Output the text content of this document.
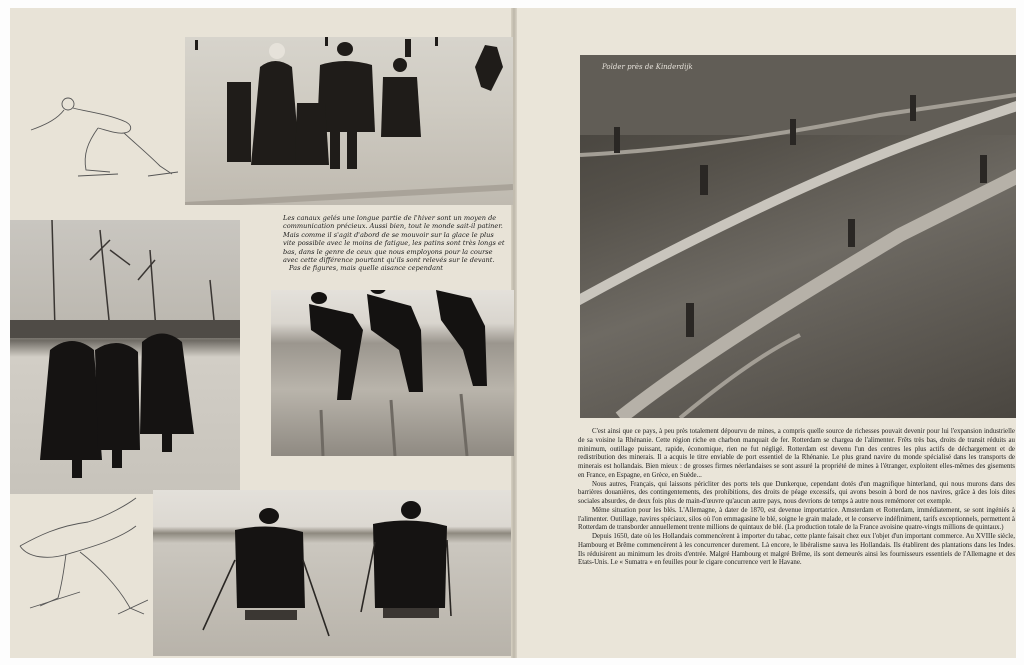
Les canaux gelés une longue partie de l'hiver sont un moyen de communication précieux. Aussi bien, tout le monde sait-il patiner. Mais comme il s'agit d'abord de se mouvoir sur la glace le plus vite possible avec le moins de fatigue, les patins sont très longs et bas, dans le genre de ceux que nous employons pour la course avec cette différence pourtant qu'ils sont relevés sur le devant.

Pas de figures, mais quelle aisance cependant

Polder près de Kinderdijk

C'est ainsi que ce pays, à peu près totalement dépourvu de mines, a compris quelle source de richesses pouvait devenir pour lui l'expansion industrielle de sa voisine la Rhénanie. Cette région riche en charbon manquait de fer. Rotterdam se chargea de l'alimenter. Frêts très bas, droits de transit réduits au minimum, outillage puissant, rapide, économique, rien ne fut négligé. Rotterdam est devenu l'un des centres les plus actifs de déchargement et de redistribution des minerais. Il a acquis le titre enviable de port essentiel de la Rhénanie. Le plus grand navire du monde spécialisé dans les transports de minerais est hollandais. Bien mieux : de grosses firmes néerlandaises se sont assuré la propriété de mines à l'étranger, exploitent elles-mêmes des gisements en France, en Espagne, en Grèce, en Suède...

Nous autres, Français, qui laissons péricliter des ports tels que Dunkerque, cependant dotés d'un magnifique hinterland, qui nous murons dans des barrières douanières, des contingentements, des prohibitions, des droits de péage excessifs, qui avons besoin à bord de nos navires, grâce à des lois dites sociales absurdes, de deux fois plus de main-d'œuvre qu'aucun autre pays, nous devrions de temps à autre nous remémorer cet exemple.

Même situation pour les blés. L'Allemagne, à dater de 1870, est devenue importatrice. Amsterdam et Rotterdam, immédiatement, se sont ingéniés à l'alimenter. Outillage, navires spéciaux, silos où l'on emmagasine le blé, soigne le grain malade, et le conserve indéfiniment, tarifs exceptionnels, permettent à Rotterdam de transborder annuellement trente millions de quintaux de blé. (La production totale de la France avoisine quatre-vingts millions de quintaux.)

Depuis 1650, date où les Hollandais commencèrent à importer du tabac, cette plante faisait chez eux l'objet d'un important commerce. Au XVIIIe siècle, Hambourg et Brême commencèrent à les concurrencer durement. Là encore, le libéralisme sauva les Hollandais. Ils établirent des plantations dans les Indes. Ils réduisirent au minimum les droits d'entrée. Malgré Hambourg et malgré Brême, ils sont demeurés ainsi les fournisseurs essentiels de l'Allemagne et des Etats-Unis. Le « Sumatra » en feuilles pour le cigare concurrence vert le Havane.
